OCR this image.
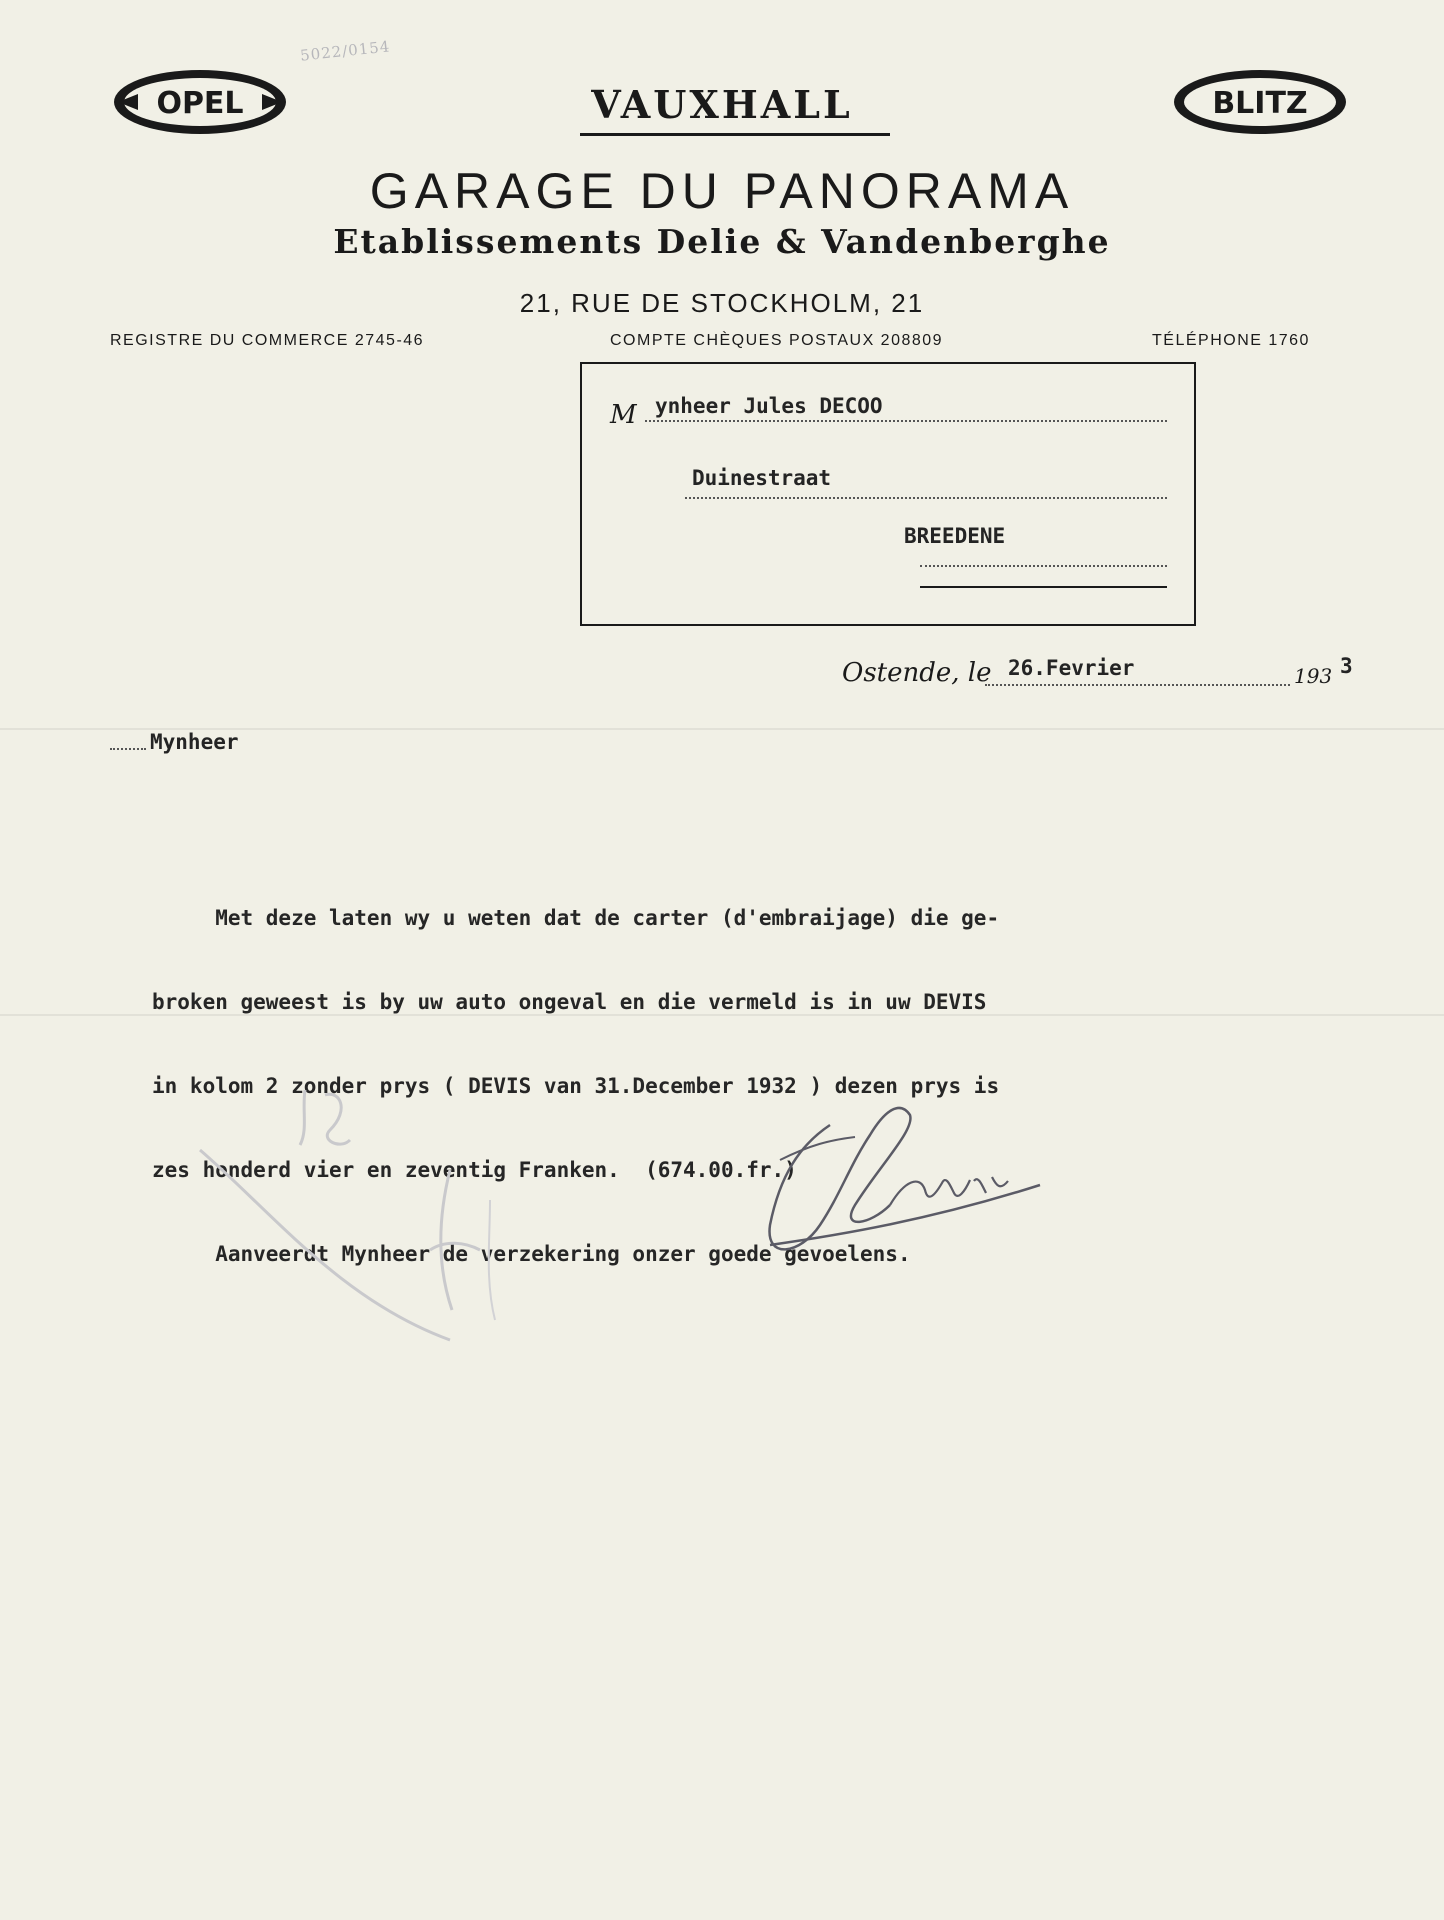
5022/0154
OPEL	BLITZ
VAUXHALL
GARAGE DU PANORAMA
Etablissements Delie & Vandenberghe
21, RUE DE STOCKHOLM, 21
REGISTRE DU COMMERCE 2745-46	COMPTE CHÈQUES POSTAUX 208809	TÉLÉPHONE 1760
M ynheer Jules DECOO
Duinestraat
BREEDENE
Ostende, le 26.Fevrier	193 3
Mynheer

Met deze laten wy u weten dat de carter (d'embraijage) die ge-

broken geweest is by uw auto ongeval en die vermeld is in uw DEVIS

in kolom 2 zonder prys ( DEVIS van 31.December 1932 ) dezen prys is

zes honderd vier en zeventig Franken.  (674.00.fr.)

Aanveerdt Mynheer de verzekering onzer goede gevoelens.
